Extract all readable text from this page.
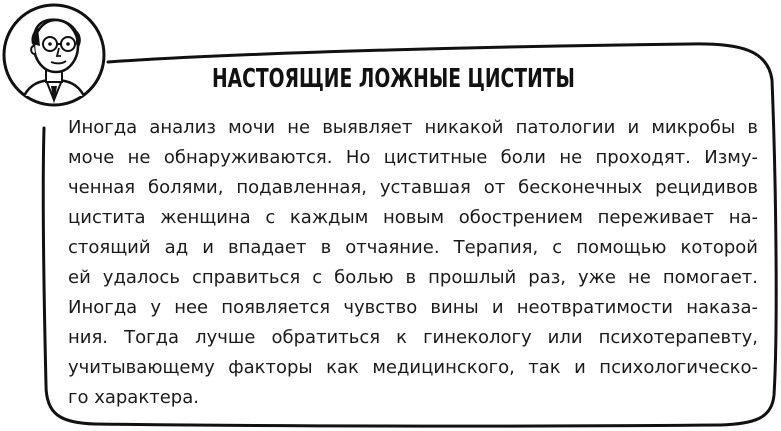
НАСТОЯЩИЕ ЛОЖНЫЕ ЦИСТИТЫ
Иногда анализ мочи не выявляет никакой патологии и микробы в
моче не обнаруживаются. Но циститные боли не проходят. Изму-
ченная болями, подавленная, уставшая от бесконечных рецидивов
цистита женщина с каждым новым обострением переживает на-
стоящий ад и впадает в отчаяние. Терапия, с помощью которой
ей удалось справиться с болью в прошлый раз, уже не помогает.
Иногда у нее появляется чувство вины и неотвратимости наказа-
ния. Тогда лучше обратиться к гинекологу или психотерапевту,
учитывающему факторы как медицинского, так и психологическо-
го характера.
